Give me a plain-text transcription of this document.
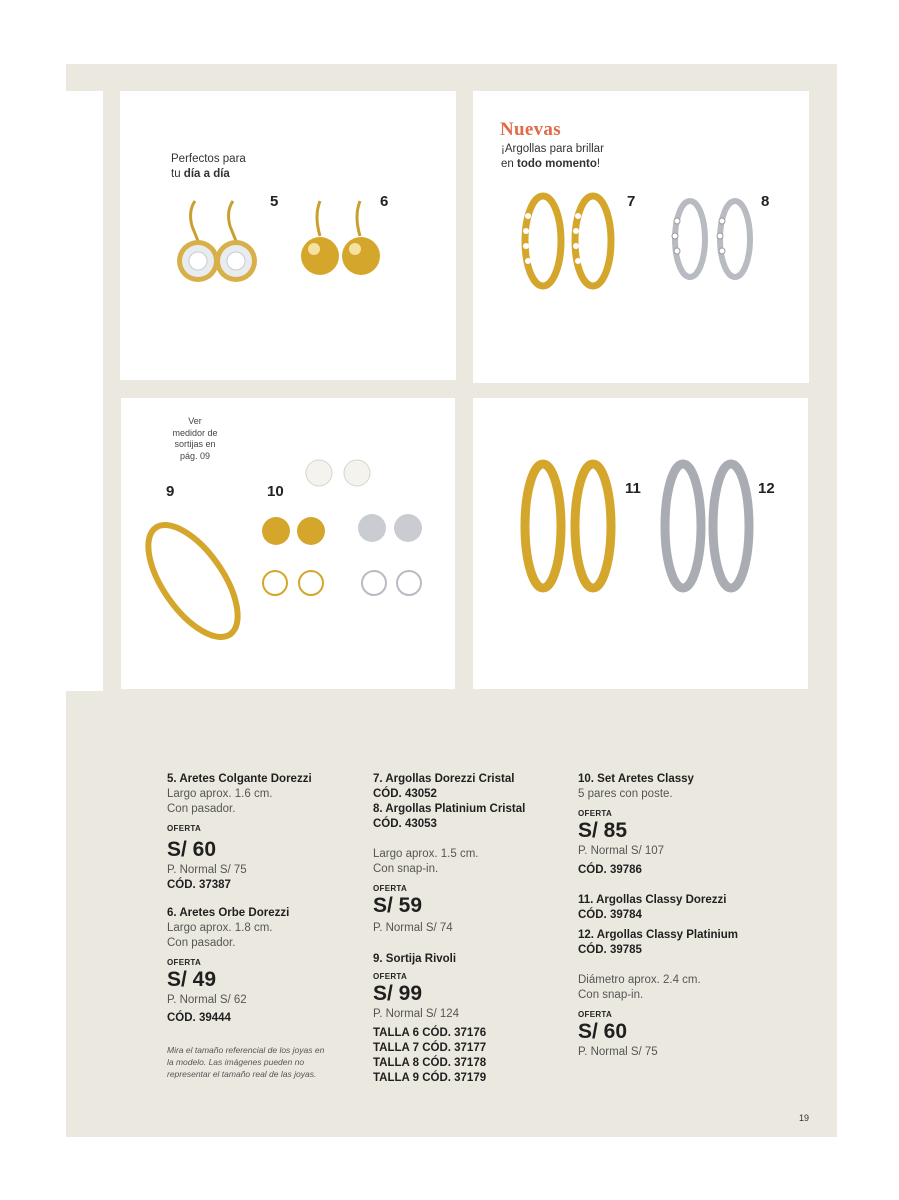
Perfectos para
tu día a día
5	6
Nuevas
¡Argollas para brillar
en todo momento!
7	8
Ver
medidor de
sortijas en
pág. 09
9	10	11	12
5. Aretes Colgante Dorezzi
Largo aprox. 1.6 cm.
Con pasador.
OFERTA
S/ 60
P. Normal S/ 75
CÓD. 37387
6. Aretes Orbe Dorezzi
Largo aprox. 1.8 cm.
Con pasador.
OFERTA
S/ 49
P. Normal S/ 62
CÓD. 39444
Mira el tamaño referencial de los joyas en la modelo. Las imágenes pueden no representar el tamaño real de las joyas.
7. Argollas Dorezzi Cristal
CÓD. 43052
8. Argollas Platinium Cristal
CÓD. 43053
Largo aprox. 1.5 cm.
Con snap-in.
OFERTA
S/ 59
P. Normal S/ 74
9. Sortija Rivoli
OFERTA
S/ 99
P. Normal S/ 124
TALLA 6 CÓD. 37176
TALLA 7 CÓD. 37177
TALLA 8 CÓD. 37178
TALLA 9 CÓD. 37179
10. Set Aretes Classy
5 pares con poste.
OFERTA
S/ 85
P. Normal S/ 107
CÓD. 39786
11. Argollas Classy Dorezzi
CÓD. 39784
12. Argollas Classy Platinium
CÓD. 39785
Diámetro aprox. 2.4 cm.
Con snap-in.
OFERTA
S/ 60
P. Normal S/ 75
19
